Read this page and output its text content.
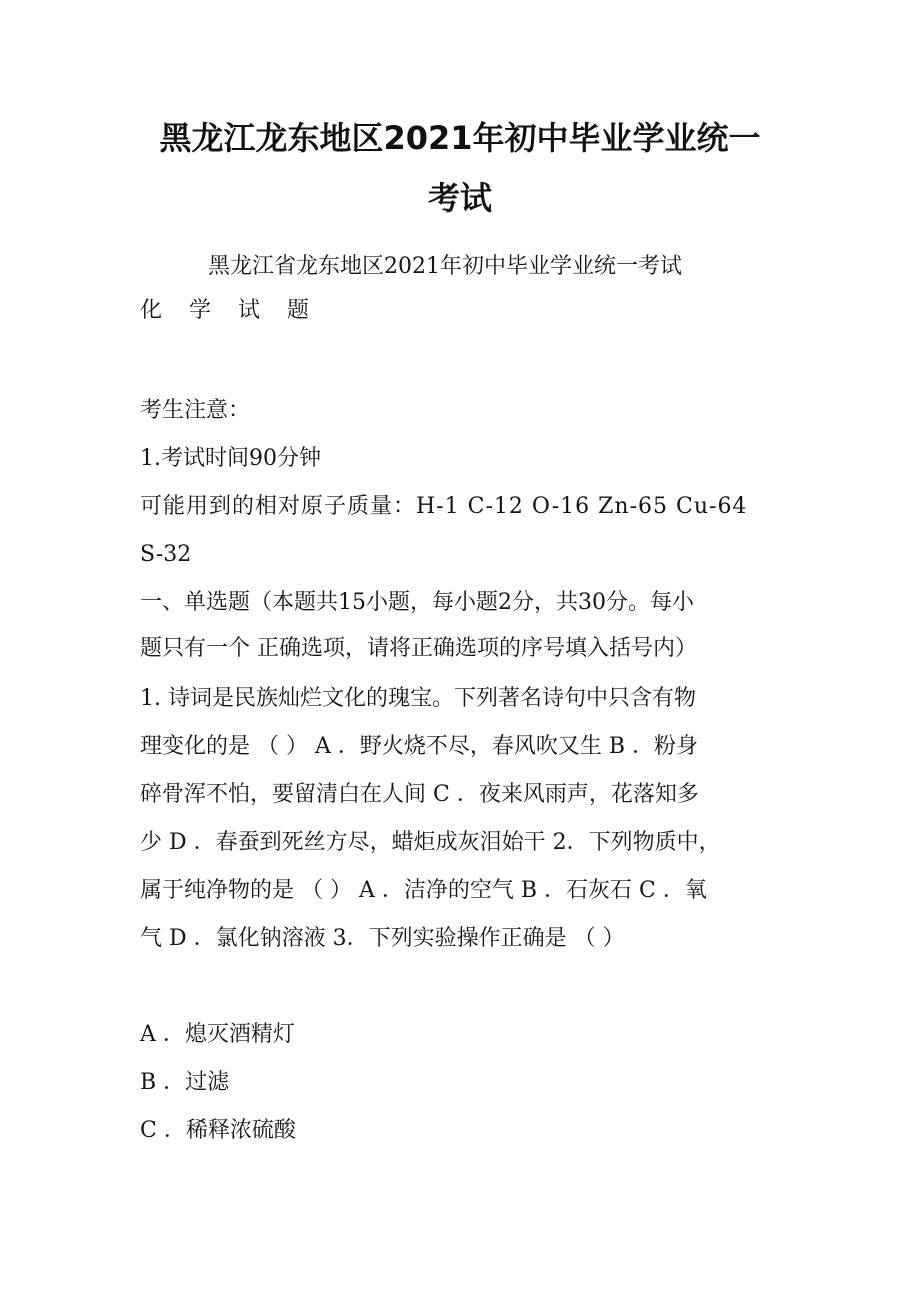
黑龙江龙东地区2021年初中毕业学业统一
考试
黑龙江省龙东地区2021年初中毕业学业统一考试
化 学 试 题
考生注意：
1.考试时间90分钟
可能用到的相对原子质量：H-1 C-12 O-16 Zn-65 Cu-64
S-32
一、单选题（本题共15小题，每小题2分，共30分。每小
题只有一个 正确选项，请将正确选项的序号填入括号内）
1. 诗词是民族灿烂文化的瑰宝。下列著名诗句中只含有物
理变化的是 （ ） A ．野火烧不尽，春风吹又生 B ．粉身
碎骨浑不怕，要留清白在人间 C ．夜来风雨声，花落知多
少 D ．春蚕到死丝方尽，蜡炬成灰泪始干 2．下列物质中，
属于纯净物的是 （ ） A ．洁净的空气 B ．石灰石 C ．氧
气 D ．氯化钠溶液 3．下列实验操作正确是 （ ）
A ．熄灭酒精灯
B ．过滤
C ．稀释浓硫酸
